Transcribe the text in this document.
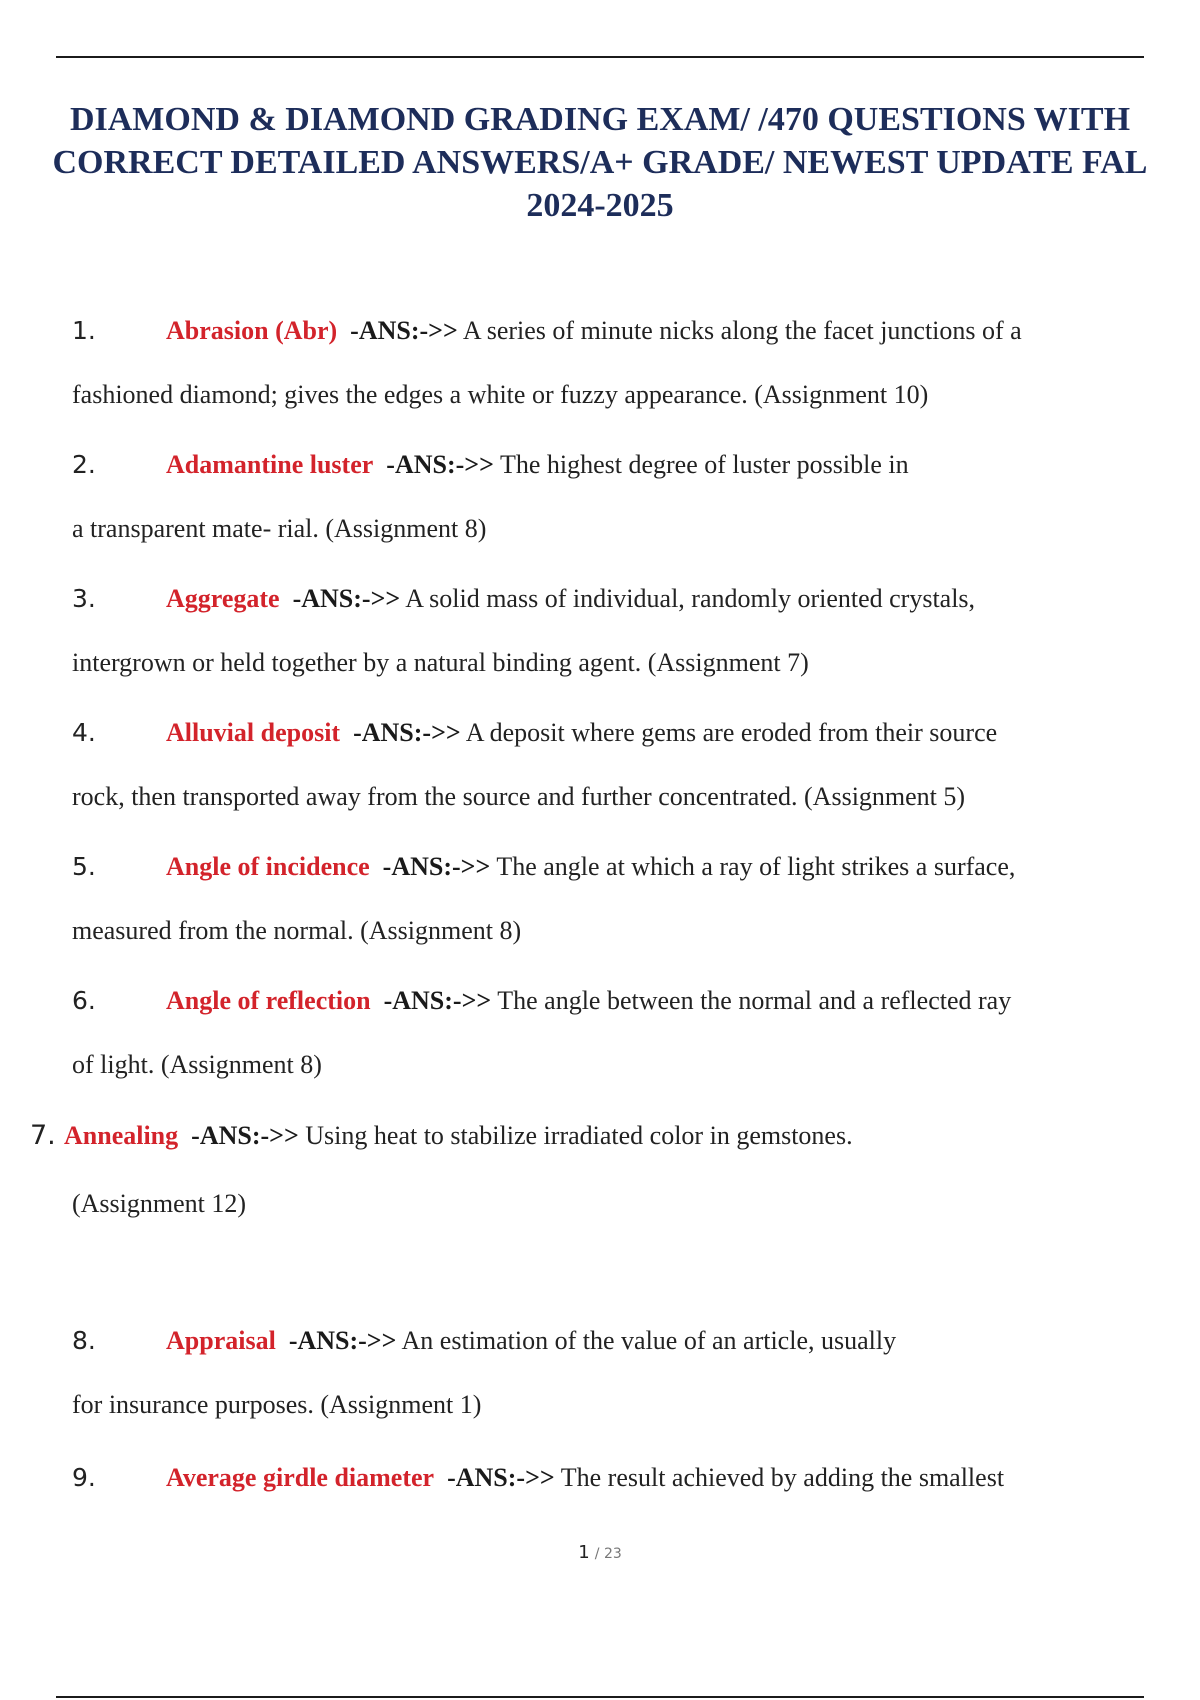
DIAMOND & DIAMOND GRADING EXAM/ /470 QUESTIONS WITH
CORRECT DETAILED ANSWERS/A+ GRADE/ NEWEST UPDATE FAL
2024-2025
1.	Abrasion (Abr) -ANS:->> A series of minute nicks along the facet junctions of a
fashioned diamond; gives the edges a white or fuzzy appearance. (Assignment 10)
2.	Adamantine luster -ANS:->> The highest degree of luster possible in
a transparent mate- rial. (Assignment 8)
3.	Aggregate -ANS:->> A solid mass of individual, randomly oriented crystals,
intergrown or held together by a natural binding agent. (Assignment 7)
4.	Alluvial deposit -ANS:->> A deposit where gems are eroded from their source
rock, then transported away from the source and further concentrated. (Assignment 5)
5.	Angle of incidence -ANS:->> The angle at which a ray of light strikes a surface,
measured from the normal. (Assignment 8)
6.	Angle of reflection -ANS:->> The angle between the normal and a reflected ray
of light. (Assignment 8)
7. Annealing -ANS:->> Using heat to stabilize irradiated color in gemstones.
(Assignment 12)
8.	Appraisal -ANS:->> An estimation of the value of an article, usually
for insurance purposes. (Assignment 1)
9.	Average girdle diameter -ANS:->> The result achieved by adding the smallest
1 / 23
